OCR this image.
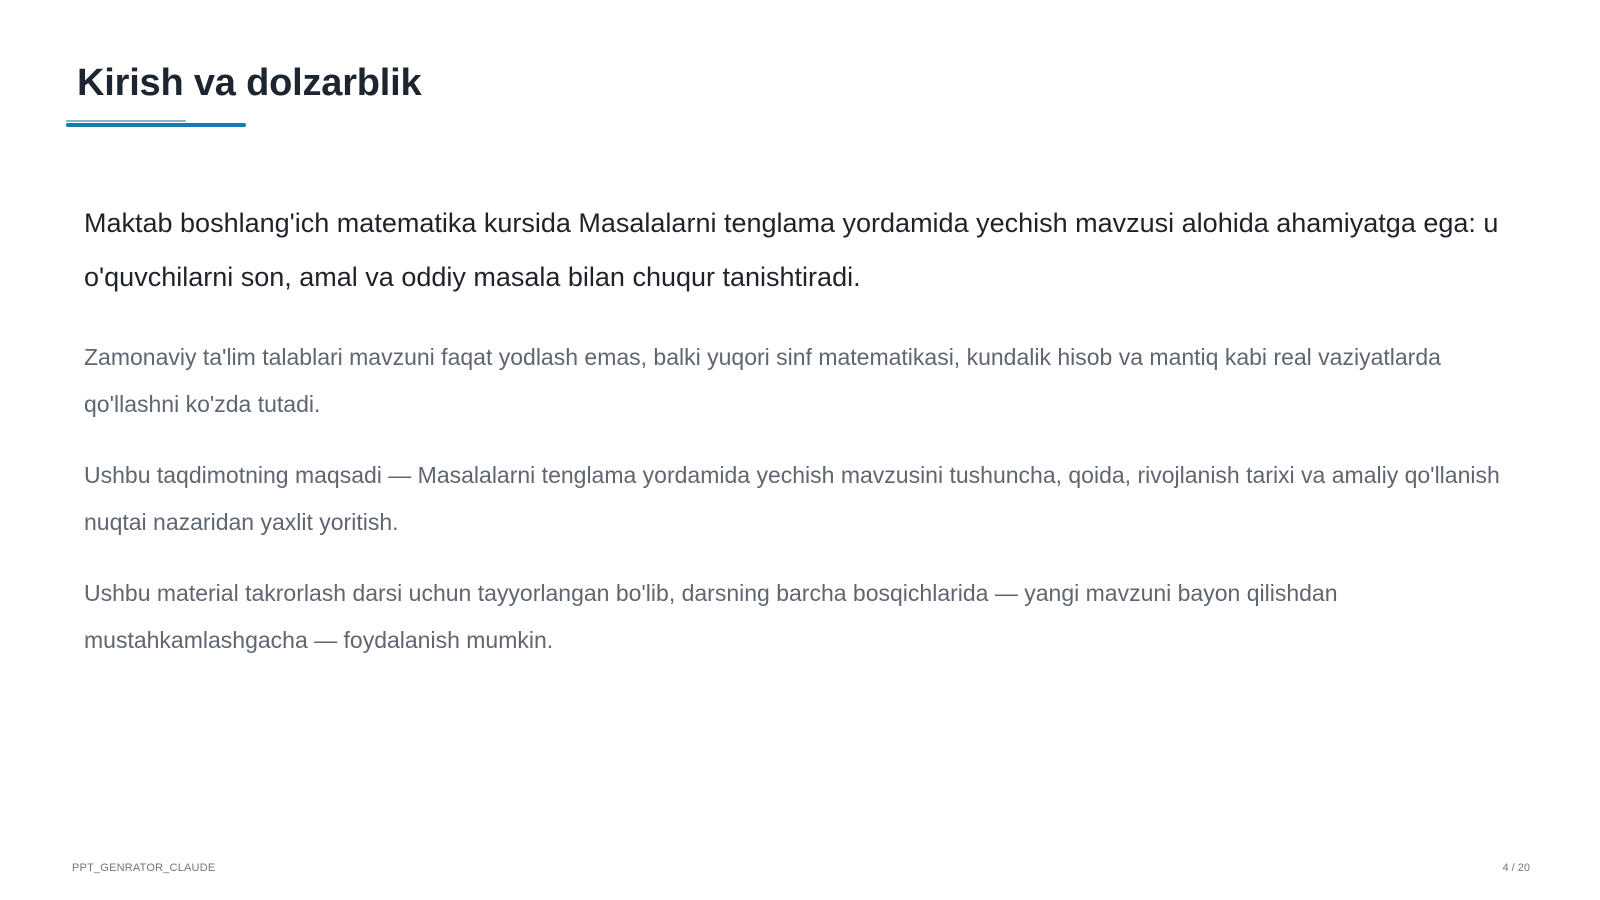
Kirish va dolzarblik

Maktab boshlang'ich matematika kursida Masalalarni tenglama yordamida yechish mavzusi alohida ahamiyatga ega: u o'quvchilarni son, amal va oddiy masala bilan chuqur tanishtiradi.

Zamonaviy ta'lim talablari mavzuni faqat yodlash emas, balki yuqori sinf matematikasi, kundalik hisob va mantiq kabi real vaziyatlarda qo'llashni ko'zda tutadi.

Ushbu taqdimotning maqsadi — Masalalarni tenglama yordamida yechish mavzusini tushuncha, qoida, rivojlanish tarixi va amaliy qo'llanish nuqtai nazaridan yaxlit yoritish.

Ushbu material takrorlash darsi uchun tayyorlangan bo'lib, darsning barcha bosqichlarida — yangi mavzuni bayon qilishdan mustahkamlashgacha — foydalanish mumkin.

PPT_GENRATOR_CLAUDE	4 / 20
